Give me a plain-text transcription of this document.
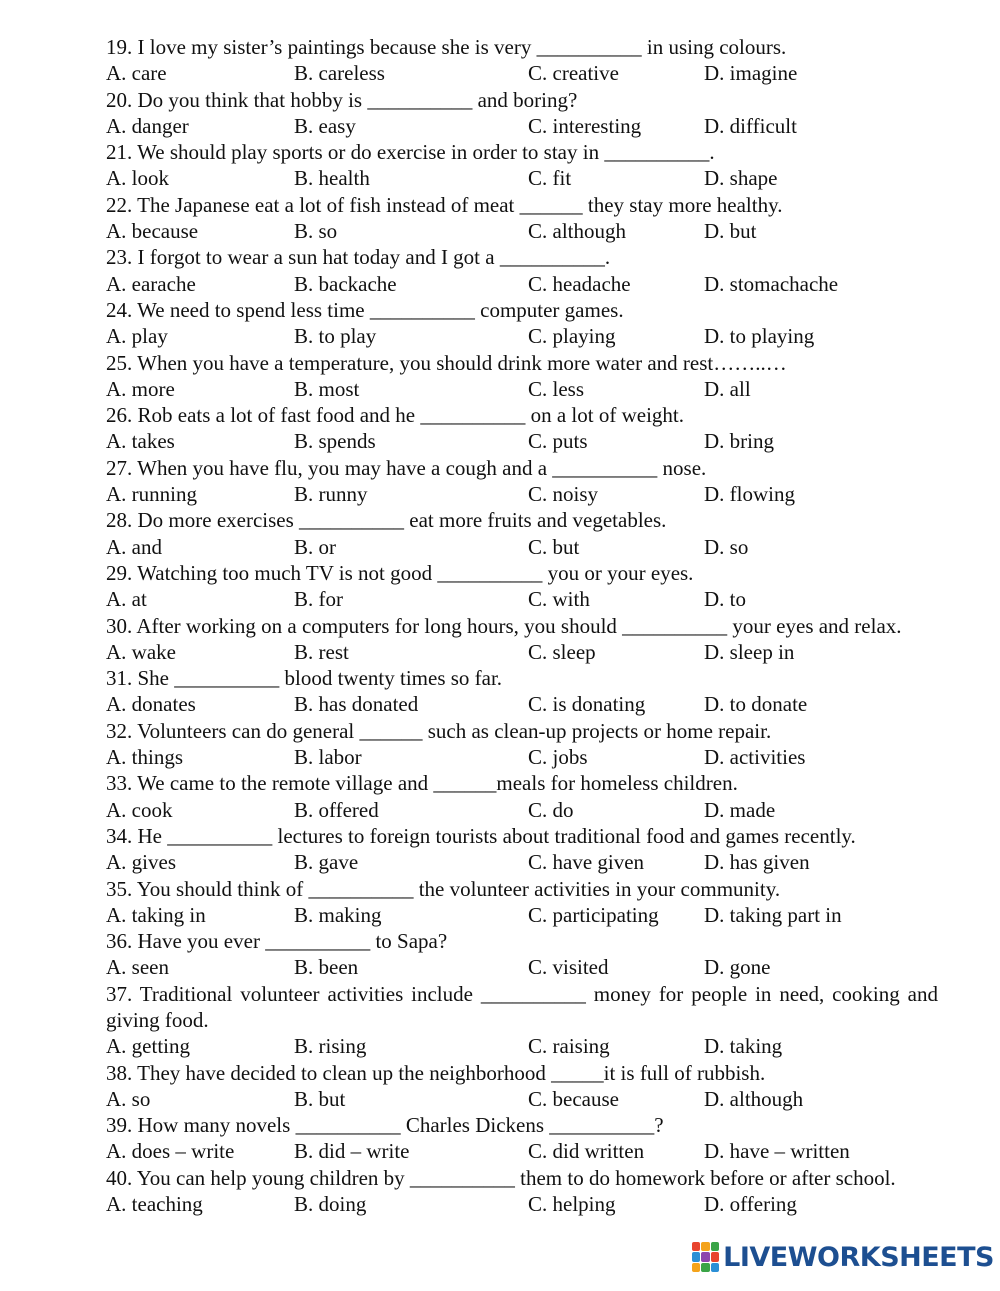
19. I love my sister’s paintings because she is very __________ in using colours.
A. care	B. careless	C. creative	D. imagine
20. Do you think that hobby is __________ and boring?
A. danger	B. easy	C. interesting	D. difficult
21. We should play sports or do exercise in order to stay in __________.
A. look	B. health	C. fit	D. shape
22. The Japanese eat a lot of fish instead of meat ______ they stay more healthy.
A. because	B. so	C. although	D. but
23. I forgot to wear a sun hat today and I got a __________.
A. earache	B. backache	C. headache	D. stomachache
24. We need to spend less time __________ computer games.
A. play	B. to play	C. playing	D. to playing
25. When you have a temperature, you should drink more water and rest……..…
A. more	B. most	C. less	D. all
26. Rob eats a lot of fast food and he __________ on a lot of weight.
A. takes	B. spends	C. puts	D. bring
27. When you have flu, you may have a cough and a __________ nose.
A. running	B. runny	C. noisy	D. flowing
28. Do more exercises __________ eat more fruits and vegetables.
A. and	B. or	C. but	D. so
29. Watching too much TV is not good __________ you or your eyes.
A. at	B. for	C. with	D. to
30. After working on a computers for long hours, you should __________ your eyes and relax.
A. wake	B. rest	C. sleep	D. sleep in
31. She __________ blood twenty times so far.
A. donates	B. has donated	C. is donating	D. to donate
32. Volunteers can do general ______ such as clean-up projects or home repair.
A. things	B. labor	C. jobs	D. activities
33. We came to the remote village and ______meals for homeless children.
A. cook	B. offered	C. do	D. made
34. He __________ lectures to foreign tourists about traditional food and games recently.
A. gives	B. gave	C. have given	D. has given
35. You should think of __________ the volunteer activities in your community.
A. taking in	B. making	C. participating D. taking part in
36. Have you ever __________ to Sapa?
A. seen	B. been	C. visited	D. gone
37. Traditional volunteer activities include __________ money for people in need, cooking and giving food.
A. getting	B. rising	C. raising	D. taking
38. They have decided to clean up the neighborhood _____it is full of rubbish.
A. so	B. but	C. because	D. although
39. How many novels __________ Charles Dickens __________?
A. does – write	B. did – write	C. did written	D. have – written
40. You can help young children by __________ them to do homework before or after school.
A. teaching	B. doing	C. helping	D. offering
LIVEWORKSHEETS
